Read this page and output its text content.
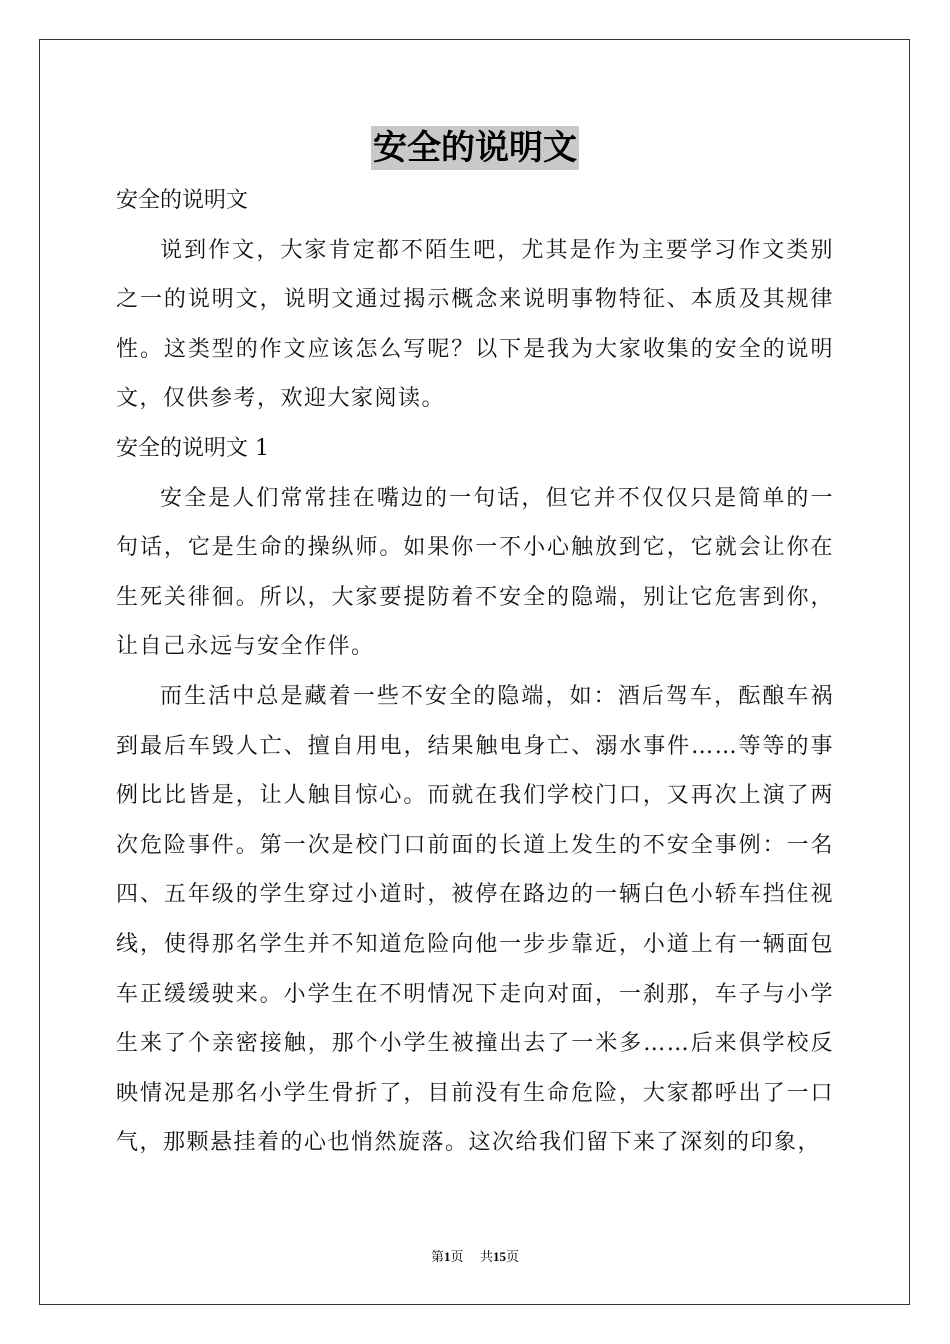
安全的说明文

安全的说明文

说到作文，大家肯定都不陌生吧，尤其是作为主要学习作文类别之一的说明文，说明文通过揭示概念来说明事物特征、本质及其规律性。这类型的作文应该怎么写呢？以下是我为大家收集的安全的说明文，仅供参考，欢迎大家阅读。

安全的说明文 1

安全是人们常常挂在嘴边的一句话，但它并不仅仅只是简单的一句话，它是生命的操纵师。如果你一不小心触放到它，它就会让你在生死关徘徊。所以，大家要提防着不安全的隐端，别让它危害到你，让自己永远与安全作伴。

而生活中总是藏着一些不安全的隐端，如：酒后驾车，酝酿车祸到最后车毁人亡、擅自用电，结果触电身亡、溺水事件……等等的事例比比皆是，让人触目惊心。而就在我们学校门口，又再次上演了两次危险事件。第一次是校门口前面的长道上发生的不安全事例：一名四、五年级的学生穿过小道时，被停在路边的一辆白色小轿车挡住视线，使得那名学生并不知道危险向他一步步靠近，小道上有一辆面包车正缓缓驶来。小学生在不明情况下走向对面，一刹那，车子与小学生来了个亲密接触，那个小学生被撞出去了一米多……后来俱学校反映情况是那名小学生骨折了，目前没有生命危险，大家都呼出了一口气，那颗悬挂着的心也悄然旋落。这次给我们留下来了深刻的印象，

第1页 共15页
